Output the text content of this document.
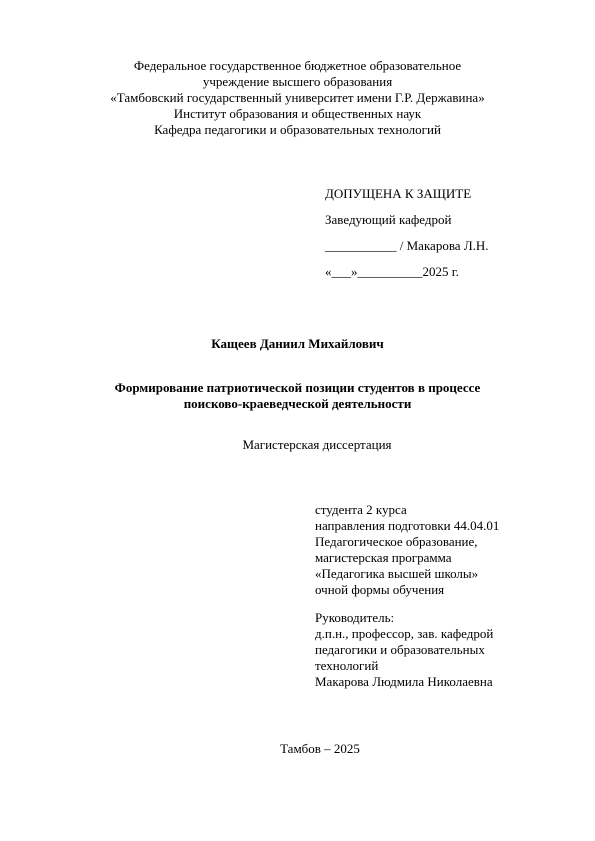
Федеральное государственное бюджетное образовательное
учреждение высшего образования
«Тамбовский государственный университет имени Г.Р. Державина»
Институт образования и общественных наук
Кафедра педагогики и образовательных технологий
ДОПУЩЕНА К ЗАЩИТЕ
Заведующий кафедрой
___________ / Макарова Л.Н.
«___»__________2025 г.
Кащеев Даниил Михайлович
Формирование патриотической позиции студентов в процессе
поисково-краеведческой деятельности
Магистерская диссертация
студента 2 курса
направления подготовки 44.04.01
Педагогическое образование,
магистерская программа
«Педагогика высшей школы»
очной формы обучения
Руководитель:
д.п.н., профессор, зав. кафедрой
педагогики и образовательных
технологий
Макарова Людмила Николаевна
Тамбов – 2025
